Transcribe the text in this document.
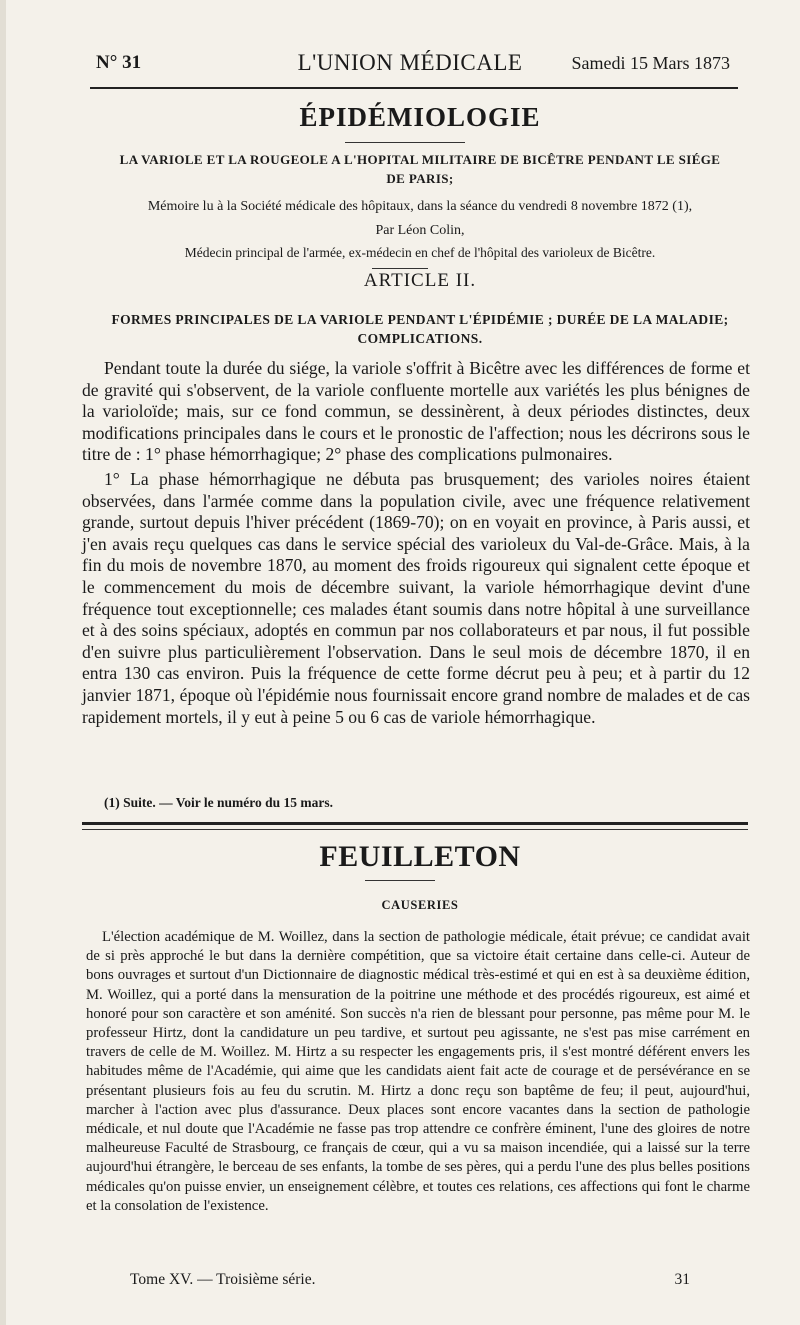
N° 31	L'UNION MÉDICALE	Samedi 15 Mars 1873
ÉPIDÉMIOLOGIE
LA VARIOLE ET LA ROUGEOLE A L'HOPITAL MILITAIRE DE BICÊTRE PENDANT LE SIÉGE
DE PARIS;
Mémoire lu à la Société médicale des hôpitaux, dans la séance du vendredi 8 novembre 1872 (1),
Par Léon Colin,
Médecin principal de l'armée, ex-médecin en chef de l'hôpital des varioleux de Bicêtre.
ARTICLE II.
FORMES PRINCIPALES DE LA VARIOLE PENDANT L'ÉPIDÉMIE ; DURÉE DE LA MALADIE;
COMPLICATIONS.

Pendant toute la durée du siége, la variole s'offrit à Bicêtre avec les différences de forme et de gravité qui s'observent, de la variole confluente mortelle aux variétés les plus bénignes de la varioloïde; mais, sur ce fond commun, se dessinèrent, à deux périodes distinctes, deux modifications principales dans le cours et le pronostic de l'affection; nous les décrirons sous le titre de : 1° phase hémorrhagique; 2° phase des complications pulmonaires.

1° La phase hémorrhagique ne débuta pas brusquement; des varioles noires étaient observées, dans l'armée comme dans la population civile, avec une fréquence relativement grande, surtout depuis l'hiver précédent (1869-70); on en voyait en province, à Paris aussi, et j'en avais reçu quelques cas dans le service spécial des varioleux du Val-de-Grâce. Mais, à la fin du mois de novembre 1870, au moment des froids rigoureux qui signalent cette époque et le commencement du mois de décembre suivant, la variole hémorrhagique devint d'une fréquence tout exceptionnelle; ces malades étant soumis dans notre hôpital à une surveillance et à des soins spéciaux, adoptés en commun par nos collaborateurs et par nous, il fut possible d'en suivre plus particulièrement l'observation. Dans le seul mois de décembre 1870, il en entra 130 cas environ. Puis la fréquence de cette forme décrut peu à peu; et à partir du 12 janvier 1871, époque où l'épidémie nous fournissait encore grand nombre de malades et de cas rapidement mortels, il y eut à peine 5 ou 6 cas de variole hémorrhagique.

(1) Suite. — Voir le numéro du 15 mars.
FEUILLETON
CAUSERIES

L'élection académique de M. Woillez, dans la section de pathologie médicale, était prévue; ce candidat avait de si près approché le but dans la dernière compétition, que sa victoire était certaine dans celle-ci. Auteur de bons ouvrages et surtout d'un Dictionnaire de diagnostic médical très-estimé et qui en est à sa deuxième édition, M. Woillez, qui a porté dans la mensuration de la poitrine une méthode et des procédés rigoureux, est aimé et honoré pour son caractère et son aménité. Son succès n'a rien de blessant pour personne, pas même pour M. le professeur Hirtz, dont la candidature un peu tardive, et surtout peu agissante, ne s'est pas mise carrément en travers de celle de M. Woillez. M. Hirtz a su respecter les engagements pris, il s'est montré déférent envers les habitudes même de l'Académie, qui aime que les candidats aient fait acte de courage et de persévérance en se présentant plusieurs fois au feu du scrutin. M. Hirtz a donc reçu son baptême de feu; il peut, aujourd'hui, marcher à l'action avec plus d'assurance. Deux places sont encore vacantes dans la section de pathologie médicale, et nul doute que l'Académie ne fasse pas trop attendre ce confrère éminent, l'une des gloires de notre malheureuse Faculté de Strasbourg, ce français de cœur, qui a vu sa maison incendiée, qui a laissé sur la terre aujourd'hui étrangère, le berceau de ses enfants, la tombe de ses pères, qui a perdu l'une des plus belles positions médicales qu'on puisse envier, un enseignement célèbre, et toutes ces relations, ces affections qui font le charme et la consolation de l'existence.

Tome XV. — Troisième série.	31
